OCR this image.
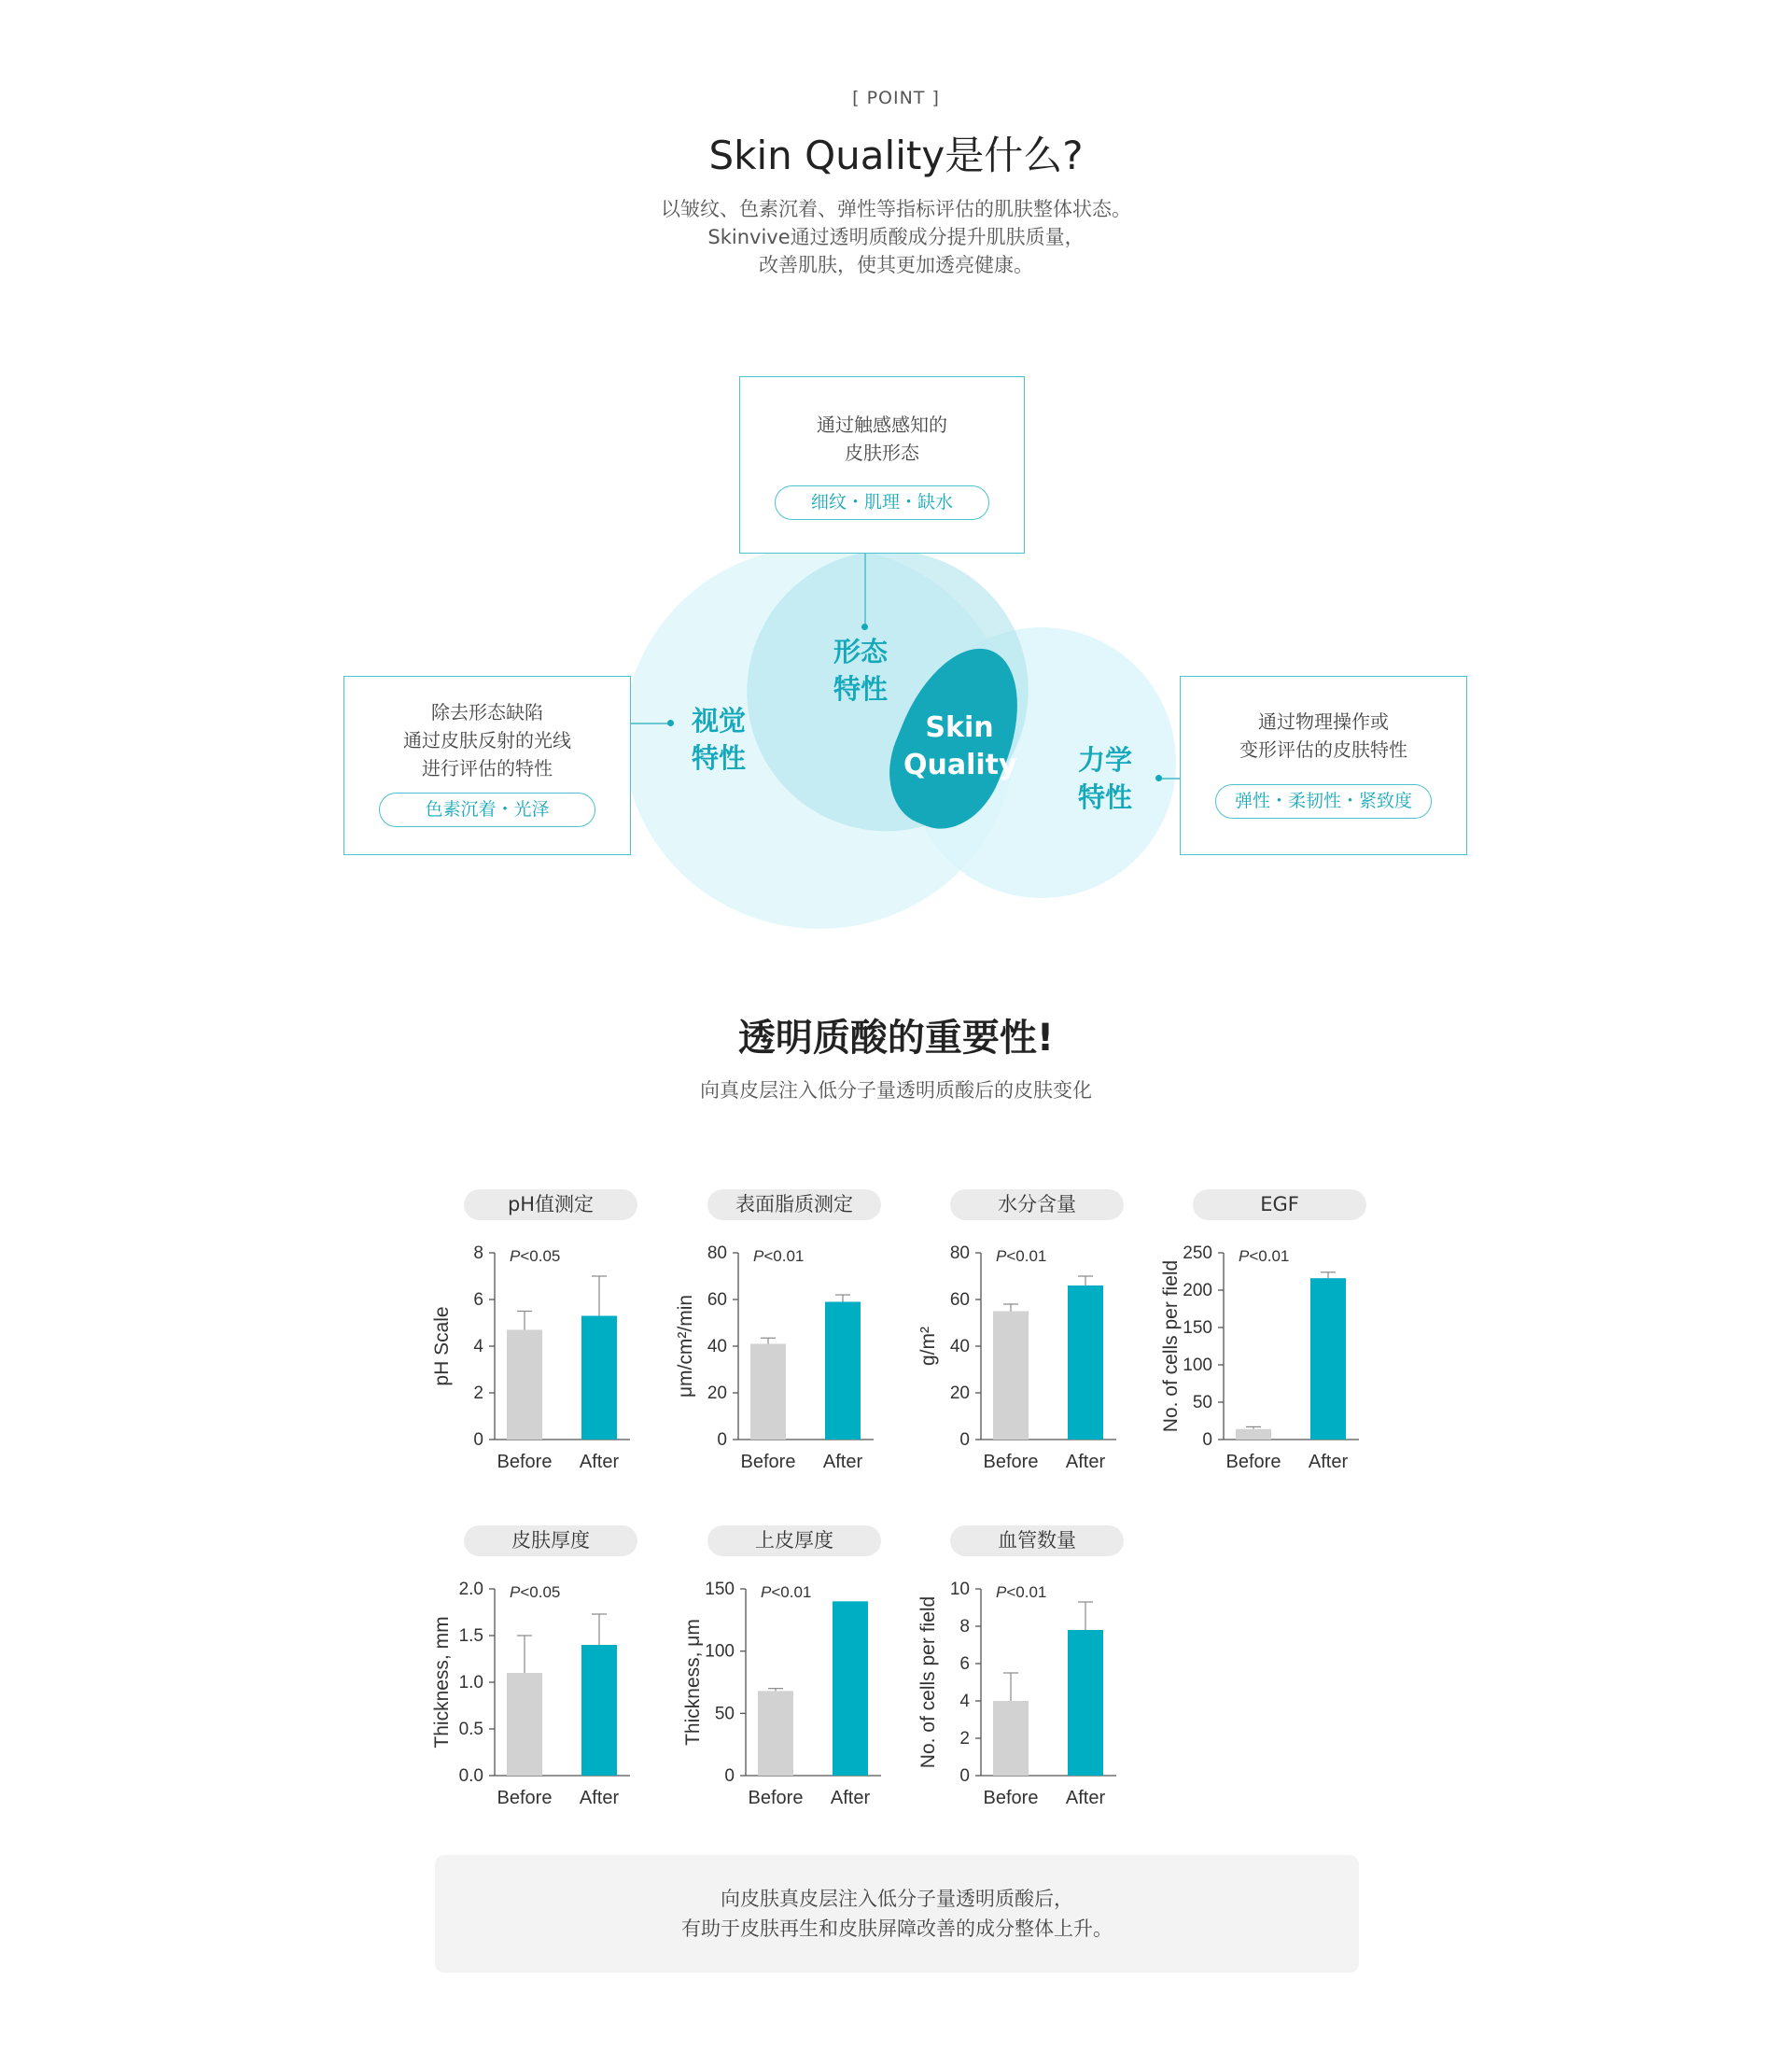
[ POINT ]
Skin Quality是什么?
以皱纹、色素沉着、弹性等指标评估的肌肤整体状态。
Skinvive通过透明质酸成分提升肌肤质量，
改善肌肤，使其更加透亮健康。
视觉
特性
形态
特性
力学
特性
Skin
Quality
通过触感感知的
皮肤形态
细纹・肌理・缺水
除去形态缺陷
通过皮肤反射的光线
进行评估的特性
色素沉着・光泽
通过物理操作或
变形评估的皮肤特性
弹性・柔韧性・紧致度
透明质酸的重要性!
向真皮层注入低分子量透明质酸后的皮肤变化
pH值测定
0
2
4
6
8
pH Scale
P<0.05
Before After
表面脂质测定
0
20
40
60
80
μm/cm²/min
P<0.01
Before After
水分含量
0
20
40
60
80
g/m²
P<0.01
Before After
EGF
0
50
100
150
200
250
No. of cells per field
P<0.01
Before After
皮肤厚度
0.0
0.5
1.0
1.5
2.0
Thickness, mm
P<0.05
Before After
上皮厚度
0
50
100
150
Thickness, μm
P<0.01
Before After
血管数量
0
2
4
6
8
10
No. of cells per field
P<0.01
Before After
向皮肤真皮层注入低分子量透明质酸后，
有助于皮肤再生和皮肤屏障改善的成分整体上升。
